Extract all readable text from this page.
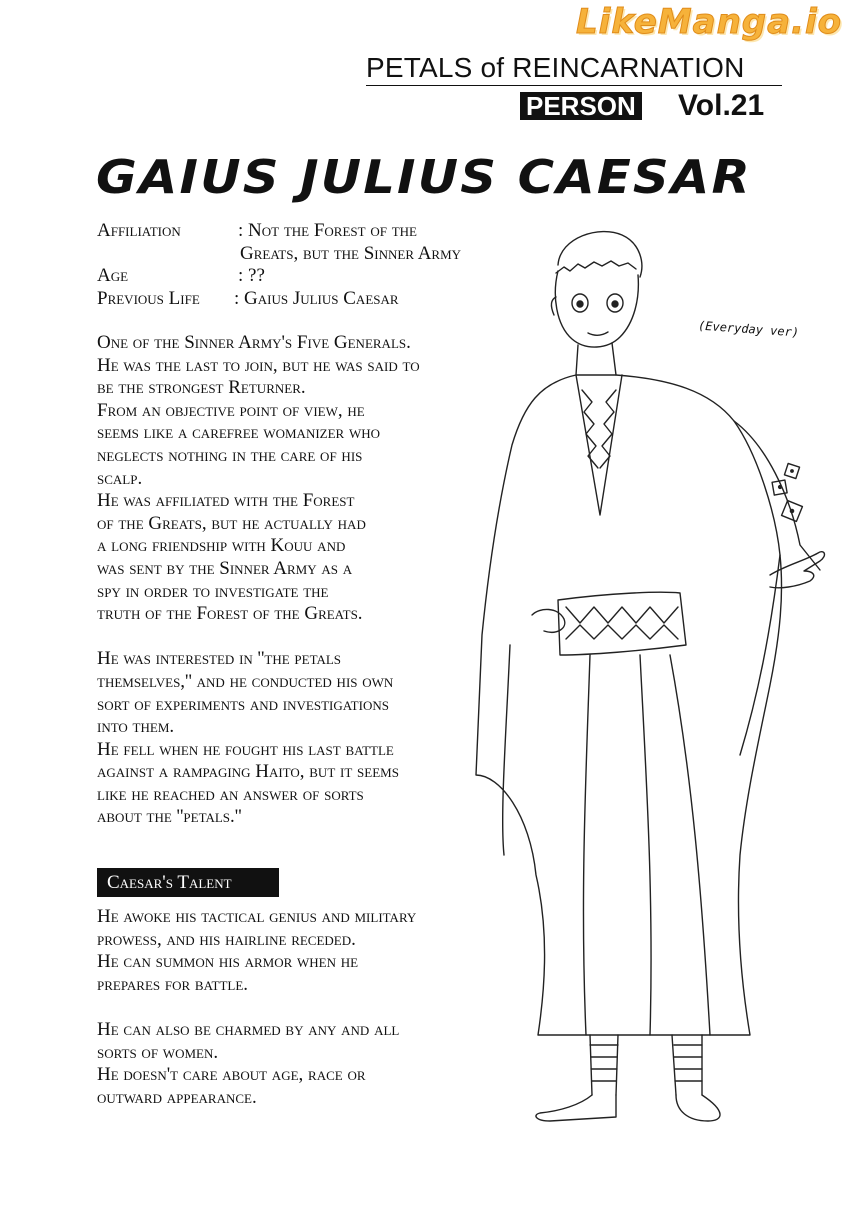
LikeManga.io
PETALS of REINCARNATION
PERSON Vol.21
GAIUS JULIUS CAESAR
Affiliation	: Not the Forest of the
Greats, but the Sinner Army
Age	: ??
Previous Life	: Gaius Julius Caesar

One of the Sinner Army's Five Generals.
He was the last to join, but he was said to
be the strongest Returner.
From an objective point of view, he
seems like a carefree womanizer who
neglects nothing in the care of his
scalp.
He was affiliated with the Forest
of the Greats, but he actually had
a long friendship with Kouu and
was sent by the Sinner Army as a
spy in order to investigate the
truth of the Forest of the Greats.

He was interested in ''the petals
themselves,'' and he conducted his own
sort of experiments and investigations
into them.
He fell when he fought his last battle
against a rampaging Haito, but it seems
like he reached an answer of sorts
about the ''petals.''

Caesar's Talent

He awoke his tactical genius and military
prowess, and his hairline receded.
He can summon his armor when he
prepares for battle.

He can also be charmed by any and all
sorts of women.
He doesn't care about age, race or
outward appearance.

(Everyday ver)
